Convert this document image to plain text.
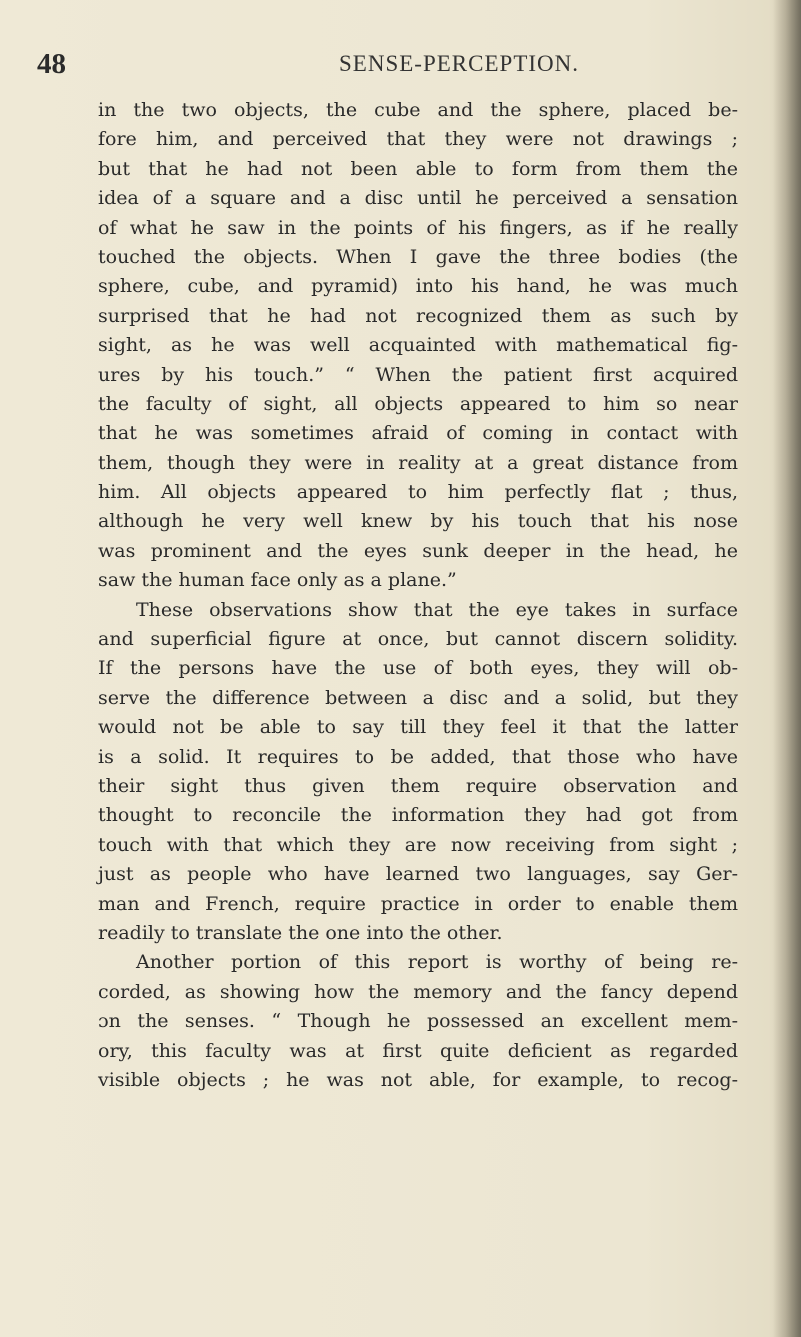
48	SENSE-PERCEPTION.
in the two objects, the cube and the sphere, placed be-
fore him, and perceived that they were not drawings ;
but that he had not been able to form from them the
idea of a square and a disc until he perceived a sensation
of what he saw in the points of his fingers, as if he really
touched the objects. When I gave the three bodies (the
sphere, cube, and pyramid) into his hand, he was much
surprised that he had not recognized them as such by
sight, as he was well acquainted with mathematical fig-
ures by his touch.” “ When the patient first acquired
the faculty of sight, all objects appeared to him so near
that he was sometimes afraid of coming in contact with
them, though they were in reality at a great distance from
him. All objects appeared to him perfectly flat ; thus,
although he very well knew by his touch that his nose
was prominent and the eyes sunk deeper in the head, he
saw the human face only as a plane.”
These observations show that the eye takes in surface
and superficial figure at once, but cannot discern solidity.
If the persons have the use of both eyes, they will ob-
serve the difference between a disc and a solid, but they
would not be able to say till they feel it that the latter
is a solid. It requires to be added, that those who have
their sight thus given them require observation and
thought to reconcile the information they had got from
touch with that which they are now receiving from sight ;
just as people who have learned two languages, say Ger-
man and French, require practice in order to enable them
readily to translate the one into the other.
Another portion of this report is worthy of being re-
corded, as showing how the memory and the fancy depend
ɔn the senses. “ Though he possessed an excellent mem-
ory, this faculty was at first quite deficient as regarded
visible objects ; he was not able, for example, to recog-
